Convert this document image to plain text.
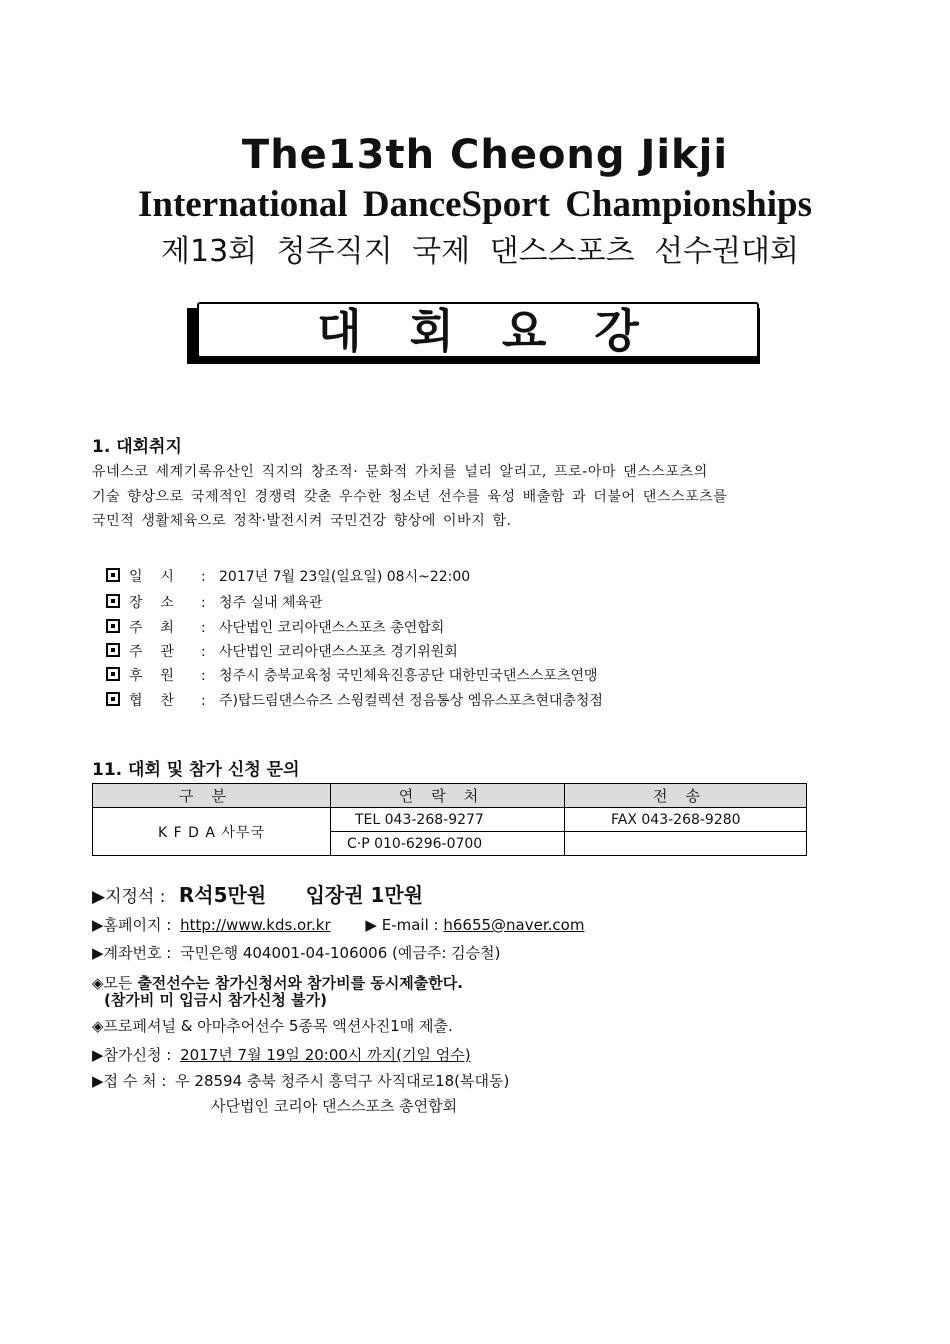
The13th Cheong Jikji
International DanceSport Championships
제13회 청주직지 국제 댄스스포츠 선수권대회
대회요강
1. 대회취지
유네스코 세계기록유산인 직지의 창조적· 문화적 가치를 널리 알리고, 프로-아마 댄스스포츠의
기술 향상으로 국제적인 경쟁력 갖춘 우수한 청소년 선수를 육성 배출함 과 더불어 댄스스포츠를
국민적 생활체육으로 정착·발전시켜 국민건강 향상에 이바지 함.
일    시 : 2017년 7월 23일(일요일) 08시~22:00
장    소 : 청주 실내 체육관
주    최 : 사단법인 코리아댄스스포츠 총연합회
주    관 : 사단법인 코리아댄스스포츠 경기위원회
후    원 : 청주시 충북교육청 국민체육진흥공단 대한민국댄스스포츠연맹
협    찬 : 주)탑드림댄스슈즈 스윙컬렉션 정음통상 엠유스포츠현대충청점
11. 대회 및 참가 신청 문의
구분	연락처	전송
K F D A 사무국	TEL 043-268-9277	FAX 043-268-9280
	C·P 010-6296-0700	
▶지정석 : R석5만원 입장권 1만원
▶홈페이지 : http://www.kds.or.kr ▶ E-mail : h6655@naver.com
▶계좌번호 : 국민은행 404001-04-106006 (예금주: 김승철)
◈모든 출전선수는 참가신청서와 참가비를 동시제출한다.
(참가비 미 입금시 참가신청 불가)
◈프로페셔널 & 아마추어선수 5종목 액션사진1매 제출.
▶참가신청 : 2017년 7월 19일 20:00시 까지(기일 엄수)
▶접 수 처 : 우 28594 충북 청주시 흥덕구 사직대로18(복대동)
사단법인 코리아 댄스스포츠 총연합회
